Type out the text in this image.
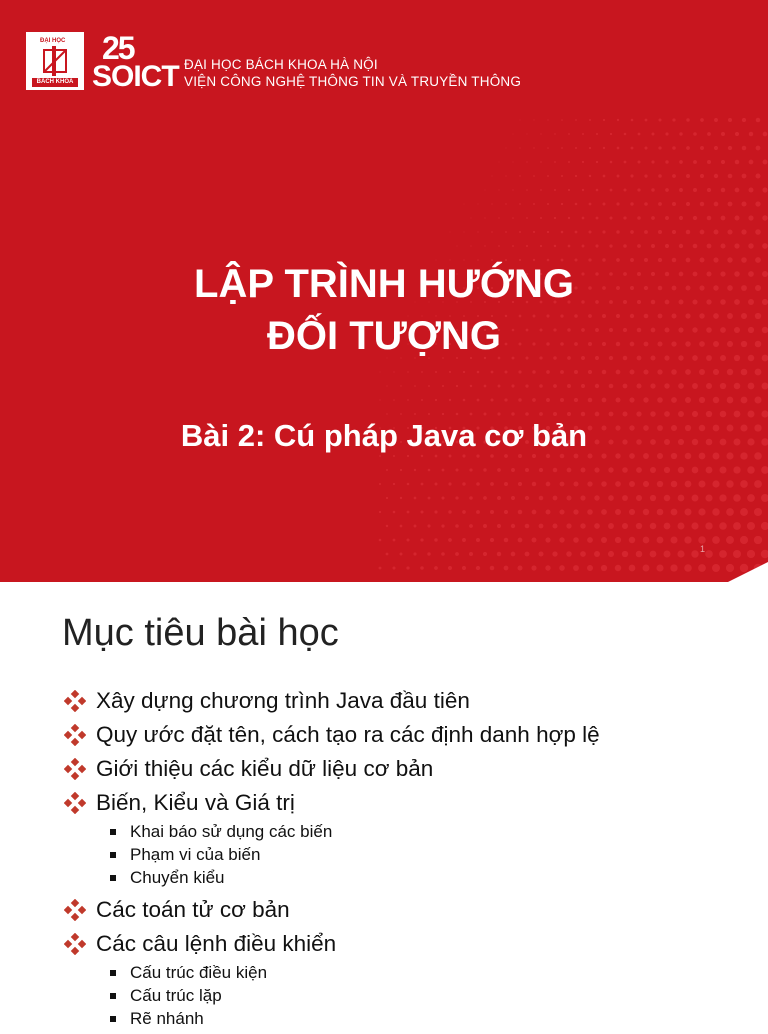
ĐẠI HỌC
BÁCH KHOA
25
SOICT ĐẠI HỌC BÁCH KHOA HÀ NỘI
VIỆN CÔNG NGHỆ THÔNG TIN VÀ TRUYỀN THÔNG
LẬP TRÌNH HƯỚNG
ĐỐI TƯỢNG
Bài 2: Cú pháp Java cơ bản
1
Mục tiêu bài học
Xây dựng chương trình Java đầu tiên
Quy ước đặt tên, cách tạo ra các định danh hợp lệ
Giới thiệu các kiểu dữ liệu cơ bản
Biến, Kiểu và Giá trị
Khai báo sử dụng các biến
Phạm vi của biến
Chuyển kiểu
Các toán tử cơ bản
Các câu lệnh điều khiển
Cấu trúc điều kiện
Cấu trúc lặp
Rẽ nhánh
